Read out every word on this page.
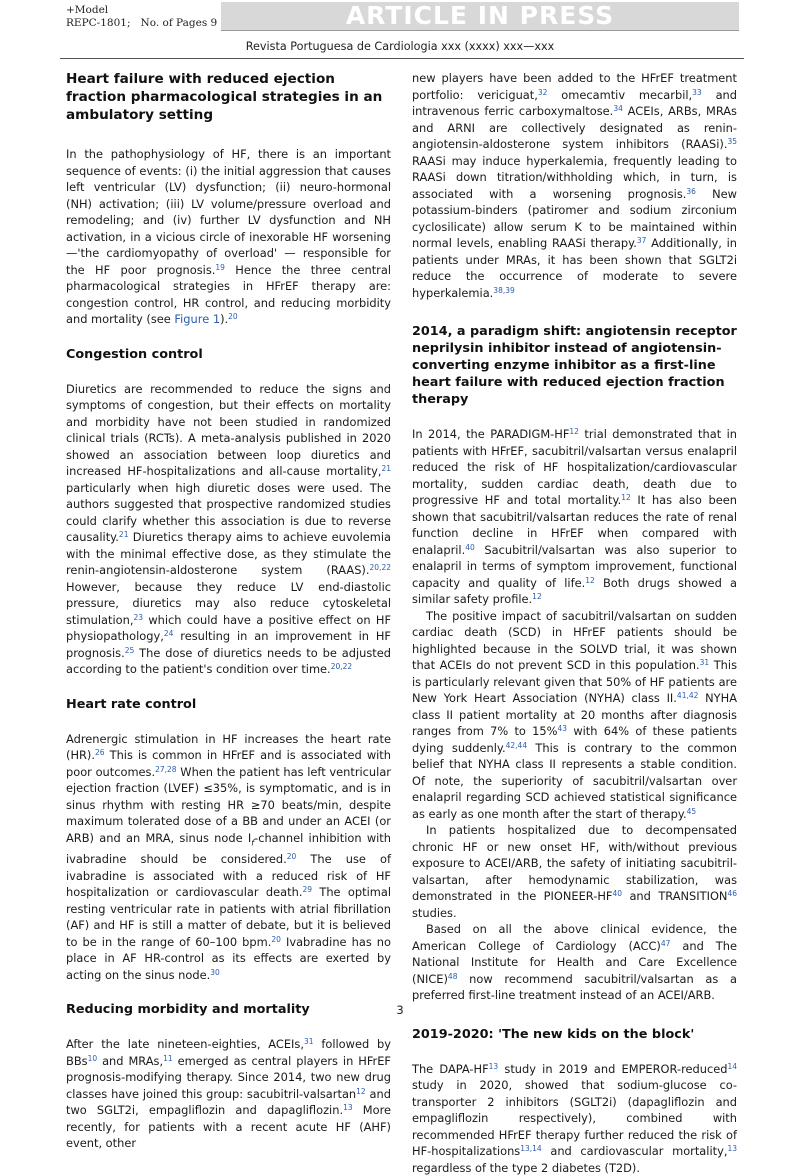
+Model
REPC-1801; No. of Pages 9	ARTICLE IN PRESS
Revista Portuguesa de Cardiologia xxx (xxxx) xxx—xxx
Heart failure with reduced ejection fraction pharmacological strategies in an ambulatory setting

In the pathophysiology of HF, there is an important sequence of events: (i) the initial aggression that causes left ventricular (LV) dysfunction; (ii) neuro-hormonal (NH) activation; (iii) LV volume/pressure overload and remodeling; and (iv) further LV dysfunction and NH activation, in a vicious circle of inexorable HF worsening —'the cardiomyopathy of overload' — responsible for the HF poor prognosis.$^{19}$ Hence the three central pharmacological strategies in HFrEF therapy are: congestion control, HR control, and reducing morbidity and mortality (see Figure 1).$^{20}$

Congestion control

Diuretics are recommended to reduce the signs and symptoms of congestion, but their effects on mortality and morbidity have not been studied in randomized clinical trials (RCTs). A meta-analysis published in 2020 showed an association between loop diuretics and increased HF-hospitalizations and all-cause mortality,$^{21}$ particularly when high diuretic doses were used. The authors suggested that prospective randomized studies could clarify whether this association is due to reverse causality.$^{21}$ Diuretics therapy aims to achieve euvolemia with the minimal effective dose, as they stimulate the renin-angiotensin-aldosterone system (RAAS).$^{20,22}$ However, because they reduce LV end-diastolic pressure, diuretics may also reduce cytoskeletal stimulation,$^{23}$ which could have a positive effect on HF physiopathology,$^{24}$ resulting in an improvement in HF prognosis.$^{25}$ The dose of diuretics needs to be adjusted according to the patient's condition over time.$^{20,22}$

Heart rate control

Adrenergic stimulation in HF increases the heart rate (HR).$^{26}$ This is common in HFrEF and is associated with poor outcomes.$^{27,28}$ When the patient has left ventricular ejection fraction (LVEF) ≤35%, is symptomatic, and is in sinus rhythm with resting HR ≥70 beats/min, despite maximum tolerated dose of a BB and under an ACEI (or ARB) and an MRA, sinus node $I_f$-channel inhibition with ivabradine should be considered.$^{20}$ The use of ivabradine is associated with a reduced risk of HF hospitalization or cardiovascular death.$^{29}$ The optimal resting ventricular rate in patients with atrial fibrillation (AF) and HF is still a matter of debate, but it is believed to be in the range of 60–100 bpm.$^{20}$ Ivabradine has no place in AF HR-control as its effects are exerted by acting on the sinus node.$^{30}$

Reducing morbidity and mortality

After the late nineteen-eighties, ACEIs,$^{31}$ followed by BBs$^{10}$ and MRAs,$^{11}$ emerged as central players in HFrEF prognosis-modifying therapy. Since 2014, two new drug classes have joined this group: sacubitril-valsartan$^{12}$ and two SGLT2i, empagliflozin and dapagliflozin.$^{13}$ More recently, for patients with a recent acute HF (AHF) event, other

new players have been added to the HFrEF treatment portfolio: vericiguat,$^{32}$ omecamtiv mecarbil,$^{33}$ and intravenous ferric carboxymaltose.$^{34}$ ACEIs, ARBs, MRAs and ARNI are collectively designated as renin-angiotensin-aldosterone system inhibitors (RAASi).$^{35}$ RAASi may induce hyperkalemia, frequently leading to RAASi down titration/withholding which, in turn, is associated with a worsening prognosis.$^{36}$ New potassium-binders (patiromer and sodium zirconium cyclosilicate) allow serum K to be maintained within normal levels, enabling RAASi therapy.$^{37}$ Additionally, in patients under MRAs, it has been shown that SGLT2i reduce the occurrence of moderate to severe hyperkalemia.$^{38,39}$

2014, a paradigm shift: angiotensin receptor neprilysin inhibitor instead of angiotensin-converting enzyme inhibitor as a first-line heart failure with reduced ejection fraction therapy

In 2014, the PARADIGM-HF$^{12}$ trial demonstrated that in patients with HFrEF, sacubitril/valsartan versus enalapril reduced the risk of HF hospitalization/cardiovascular mortality, sudden cardiac death, death due to progressive HF and total mortality.$^{12}$ It has also been shown that sacubitril/valsartan reduces the rate of renal function decline in HFrEF when compared with enalapril.$^{40}$ Sacubitril/valsartan was also superior to enalapril in terms of symptom improvement, functional capacity and quality of life.$^{12}$ Both drugs showed a similar safety profile.$^{12}$

The positive impact of sacubitril/valsartan on sudden cardiac death (SCD) in HFrEF patients should be highlighted because in the SOLVD trial, it was shown that ACEIs do not prevent SCD in this population.$^{31}$ This is particularly relevant given that 50% of HF patients are New York Heart Association (NYHA) class II.$^{41,42}$ NYHA class II patient mortality at 20 months after diagnosis ranges from 7% to 15%$^{43}$ with 64% of these patients dying suddenly.$^{42,44}$ This is contrary to the common belief that NYHA class II represents a stable condition. Of note, the superiority of sacubitril/valsartan over enalapril regarding SCD achieved statistical significance as early as one month after the start of therapy.$^{45}$

In patients hospitalized due to decompensated chronic HF or new onset HF, with/without previous exposure to ACEI/ARB, the safety of initiating sacubitril-valsartan, after hemodynamic stabilization, was demonstrated in the PIONEER-HF$^{40}$ and TRANSITION$^{46}$ studies.

Based on all the above clinical evidence, the American College of Cardiology (ACC)$^{47}$ and The National Institute for Health and Care Excellence (NICE)$^{48}$ now recommend sacubitril/valsartan as a preferred first-line treatment instead of an ACEI/ARB.

2019-2020: 'The new kids on the block'

The DAPA-HF$^{13}$ study in 2019 and EMPEROR-reduced$^{14}$ study in 2020, showed that sodium-glucose co-transporter 2 inhibitors (SGLT2i) (dapagliflozin and empagliflozin respectively), combined with recommended HFrEF therapy further reduced the risk of HF-hospitalizations$^{13,14}$ and cardiovascular mortality,$^{13}$ regardless of the type 2 diabetes (T2D).

3
